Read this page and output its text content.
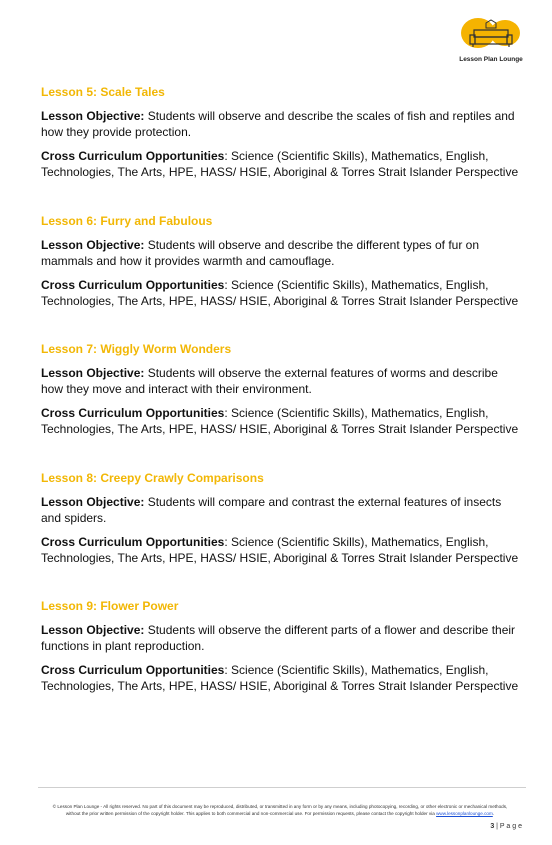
Lesson Plan Lounge
Lesson 5: Scale Tales

Lesson Objective: Students will observe and describe the scales of fish and reptiles and how they provide protection.

Cross Curriculum Opportunities: Science (Scientific Skills), Mathematics, English, Technologies, The Arts, HPE, HASS/ HSIE, Aboriginal & Torres Strait Islander Perspective

Lesson 6: Furry and Fabulous

Lesson Objective: Students will observe and describe the different types of fur on mammals and how it provides warmth and camouflage.

Cross Curriculum Opportunities: Science (Scientific Skills), Mathematics, English, Technologies, The Arts, HPE, HASS/ HSIE, Aboriginal & Torres Strait Islander Perspective

Lesson 7: Wiggly Worm Wonders

Lesson Objective: Students will observe the external features of worms and describe how they move and interact with their environment.

Cross Curriculum Opportunities: Science (Scientific Skills), Mathematics, English, Technologies, The Arts, HPE, HASS/ HSIE, Aboriginal & Torres Strait Islander Perspective

Lesson 8: Creepy Crawly Comparisons

Lesson Objective: Students will compare and contrast the external features of insects and spiders.

Cross Curriculum Opportunities: Science (Scientific Skills), Mathematics, English, Technologies, The Arts, HPE, HASS/ HSIE, Aboriginal & Torres Strait Islander Perspective

Lesson 9: Flower Power

Lesson Objective: Students will observe the different parts of a flower and describe their functions in plant reproduction.

Cross Curriculum Opportunities: Science (Scientific Skills), Mathematics, English, Technologies, The Arts, HPE, HASS/ HSIE, Aboriginal & Torres Strait Islander Perspective

© Lesson Plan Lounge - All rights reserved. No part of this document may be reproduced, distributed, or transmitted in any form or by any means, including photocopying, recording, or other electronic or mechanical methods, without the prior written permission of the copyright holder. This applies to both commercial and non-commercial use. For permission requests, please contact the copyright holder via www.lessonplanlounge.com.
3 | P a g e
